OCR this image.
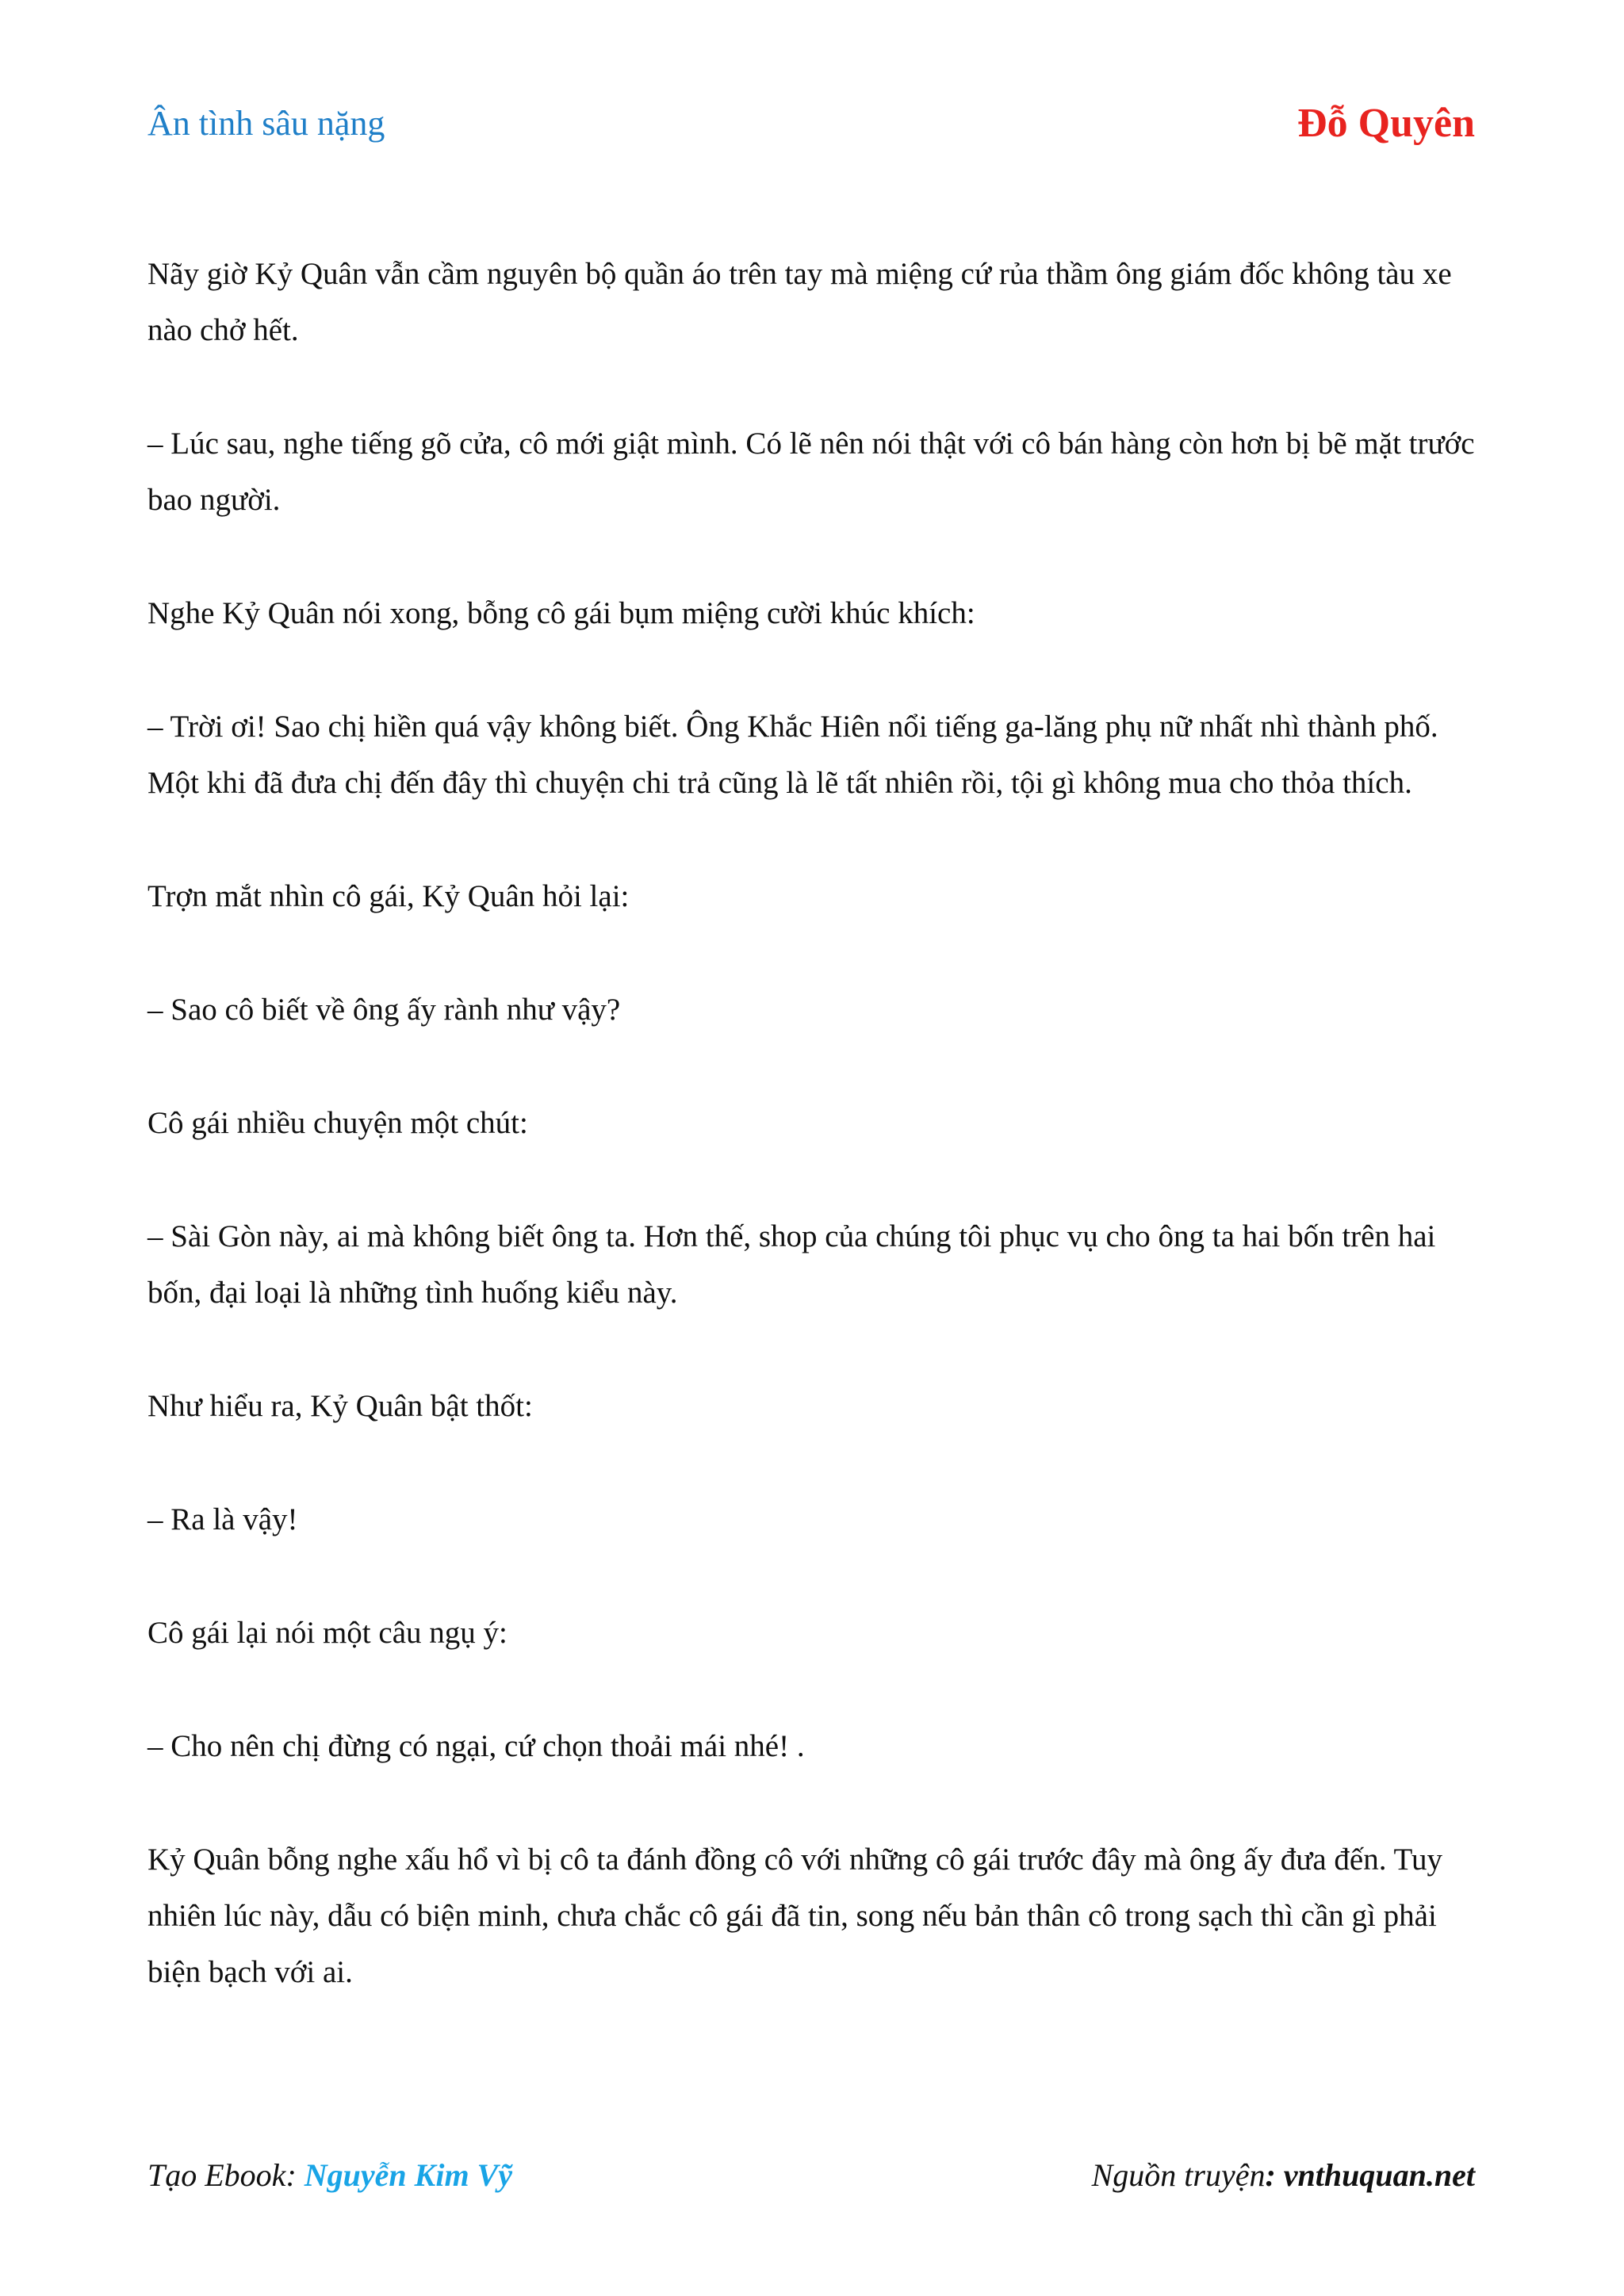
Ân tình sâu nặng	Đỗ Quyên

Nãy giờ Kỷ Quân vẫn cầm nguyên bộ quần áo trên tay mà miệng cứ rủa thầm ông giám đốc không tàu xe nào chở hết.

– Lúc sau, nghe tiếng gõ cửa, cô mới giật mình. Có lẽ nên nói thật với cô bán hàng còn hơn bị bẽ mặt trước bao người.

Nghe Kỷ Quân nói xong, bỗng cô gái bụm miệng cười khúc khích:

– Trời ơi! Sao chị hiền quá vậy không biết. Ông Khắc Hiên nổi tiếng ga-lăng phụ nữ nhất nhì thành phố. Một khi đã đưa chị đến đây thì chuyện chi trả cũng là lẽ tất nhiên rồi, tội gì không mua cho thỏa thích.

Trợn mắt nhìn cô gái, Kỷ Quân hỏi lại:

– Sao cô biết về ông ấy rành như vậy?

Cô gái nhiều chuyện một chút:

– Sài Gòn này, ai mà không biết ông ta. Hơn thế, shop của chúng tôi phục vụ cho ông ta hai bốn trên hai bốn, đại loại là những tình huống kiểu này.

Như hiểu ra, Kỷ Quân bật thốt:

– Ra là vậy!

Cô gái lại nói một câu ngụ ý:

– Cho nên chị đừng có ngại, cứ chọn thoải mái nhé! .

Kỷ Quân bỗng nghe xấu hổ vì bị cô ta đánh đồng cô với những cô gái trước đây mà ông ấy đưa đến. Tuy nhiên lúc này, dẫu có biện minh, chưa chắc cô gái đã tin, song nếu bản thân cô trong sạch thì cần gì phải biện bạch với ai.

Tạo Ebook: Nguyễn Kim Vỹ	Nguồn truyện: vnthuquan.net
